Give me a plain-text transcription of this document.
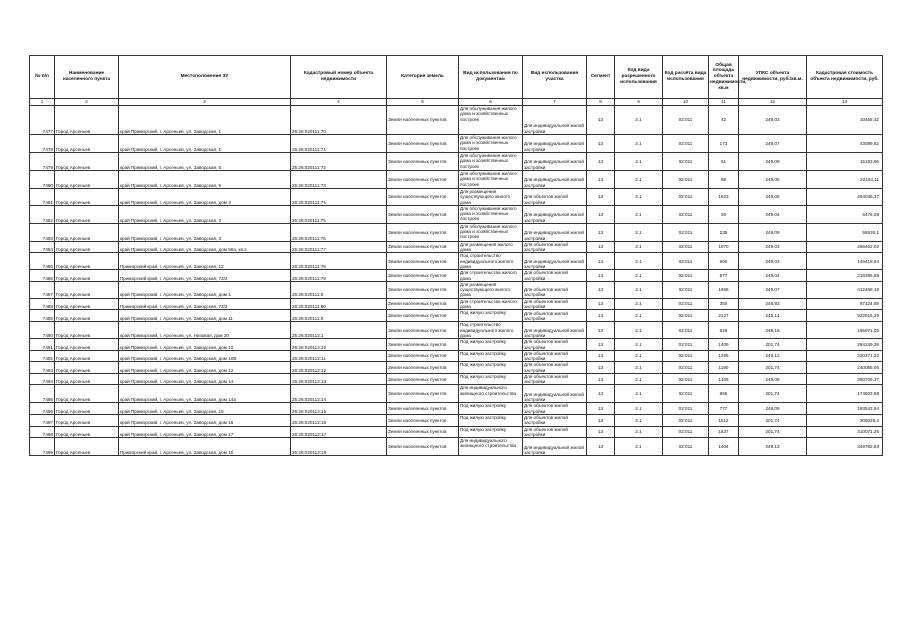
№ п/п	Наименование населенного пункта	Местоположение ЗУ	Кадастровый номер объекта недвижимости	Категория земель	Вид использования по документам	Вид использования участка	Сегмент	Код вида разрешенного использования	Код расчёта вида использования	Общая площадь объекта недвижимости, кв.м	УПКС объекта недвижимости, руб./кв.м.	Кадастровая стоимость объекта недвижимости, руб.
1	2	3	4	5	6	7	8	9	10	11	12	13
7477	Город Арсеньев	край Приморский, г. Арсеньев, ул. Заводская, 1	25:26:020111:70	Земли населенных пунктов	Для обслуживания жилого дома и хозяйственных построек	Для индивидуальной жилой застройки	13	2.1	02:011	42	249,03	10458,42
7478	Город Арсеньев	край Приморский, г. Арсеньев, ул. Заводская, 1	25:26:020111:71	Земли населенных пунктов	Для обслуживания жилого дома и хозяйственных построек	Для индивидуальной жилой застройки	13	2.1	02:011	173	249,07	43089,62
7479	Город Арсеньев	край Приморский, г. Арсеньев, ул. Заводская, 5	25:26:020111:72	Земли населенных пунктов	Для обслуживания жилого дома и хозяйственных построек	Для индивидуальной жилой застройки	13	2.1	02:011	61	249,08	15193,96
7480	Город Арсеньев	край Приморский, г. Арсеньев, ул. Заводская, 5	25:26:020111:73	Земли населенных пунктов	Для обслуживания жилого дома и хозяйственных построек	Для индивидуальной жилой застройки	13	2.1	02:011	89	249,05	22164,11
7481	Город Арсеньев	край Приморский, г. Арсеньев, ул. Заводская, дом 3	25:26:020111:74	Земли населенных пунктов	Для размещения существующего жилого дома	Для объектов жилой застройки	13	2.1	02:011	1823	249,06	454046,37
7482	Город Арсеньев	край Приморский, г. Арсеньев, ул. Заводская, 3	25:26:020111:75	Земли населенных пунктов	Для обслуживания жилого дома и хозяйственных построек	Для индивидуальной жилой застройки	13	2.1	02:011	26	249,04	6475,08
7483	Город Арсеньев	край Приморский, г. Арсеньев, ул. Заводская, 3	25:26:020111:76	Земли населенных пунктов	Для обслуживания жилого дома и хозяйственных построек	Для индивидуальной жилой застройки	13	2.1	02:011	235	249,09	58536,1
7484	Город Арсеньев	край Приморский, г. Арсеньев, ул. Заводская, дом 56а, кв.2	25:26:020111:77	Земли населенных пунктов	Для размещения жилого дома	Для объектов жилой застройки	13	2.1	02:011	1070	249,03	266462,02
7485	Город Арсеньев	Приморский край, г. Арсеньев, ул. Заводская, 12	25:26:020111:78	Земли населенных пунктов	Под строительство индивидуального жилого дома	Для индивидуальной жилой застройки	13	2.1	02:011	600	249,03	149419,64
7486	Город Арсеньев	Приморский край, г. Арсеньев, ул. Заводская, 72/2	25:26:020111:79	Земли населенных пунктов	Для строительства жилого дома	Для объектов жилой застройки	13	2.1	02:011	877	249,02	218395,89
7487	Город Арсеньев	край Приморский, г. Арсеньев, ул. Заводская, дом 1	25:26:020111:8	Земли населенных пунктов	Для размещения существующего жилого дома	Для объектов жилой застройки	13	2.1	02:011	1656	249,07	412458,18
7488	Город Арсеньев	Приморский край, г. Арсеньев, ул. Заводская, 72/2	25:26:020111:80	Земли населенных пунктов	Для строительства жилого дома	Для объектов жилой застройки	13	2.1	02:011	350	248,93	87124,69
7489	Город Арсеньев	край Приморский, г. Арсеньев, ул. Заводская, дом 11	25:26:020111:9	Земли населенных пунктов	Под жилую застройку	Для объектов жилой застройки	13	2.1	02:011	2127	245,14	522915,29
7490	Город Арсеньев	край Приморский, г. Арсеньев, ул. Низовая, дом 20	25:26:020112:1	Земли населенных пунктов	Под строительство индивидуального жилого дома	Для индивидуальной жилой застройки	13	2.1	02:011	626	249,15	155971,05
7491	Город Арсеньев	край Приморский, г. Арсеньев, ул. Заводская, дом 10	25:26:020112:10	Земли населенных пунктов	Под жилую застройку	Для объектов жилой застройки	13	2.1	02:011	1409	201,74	284249,36
7492	Город Арсеньев	край Приморский, г. Арсеньев, ул. Заводская, дом 10В	25:26:020112:11	Земли населенных пунктов	Под жилую застройку	Для объектов жилой застройки	13	2.1	02:011	1286	249,12	320371,32
7493	Город Арсеньев	край Приморский, г. Арсеньев, ул. Заводская, дом 12	25:26:020112:12	Земли населенных пунктов	Под жилую застройку	Для объектов жилой застройки	13	2.1	02:011	1190	201,74	240066,06
7494	Город Арсеньев	край Приморский, г. Арсеньев, ул. Заводская, дом 14	25:26:020112:13	Земли населенных пунктов	Под жилую застройку	Для объектов жилой застройки	13	2.1	02:011	1408	249,08	350709,37
7495	Город Арсеньев	край Приморский, г. Арсеньев, ул. Заводская, дом 14а	25:26:020112:14	Земли населенных пунктов	Для индивидуального жилищного строительства	Для индивидуальной жилой застройки	13	2.1	02:011	865	201,74	174503,68
7496	Город Арсеньев	край Приморский, г. Арсеньев, ул. Заводская, 15	25:26:020112:15	Земли населенных пунктов	Под жилую застройку	Для объектов жилой застройки	13	2.1	02:011	777	249,09	193543,94
7497	Город Арсеньев	край Приморский, г. Арсеньев, ул. Заводская, дом 16	25:26:020112:16	Земли населенных пунктов	Под жилую застройку	Для объектов жилой застройки	13	2.1	02:011	1512	201,74	305028,4
7498	Город Арсеньев	край Приморский, г. Арсеньев, ул. Заводская, дом 17	25:26:020112:17	Земли населенных пунктов	Под жилую застройку	Для объектов жилой застройки	13	2.1	02:011	1537	201,74	310071,26
7499	Город Арсеньев	Приморский край, г. Арсеньев, ул. Заводская, дом 1б	25:26:020112:18	Земли населенных пунктов	Для индивидуального жилищного строительства	Для индивидуальной жилой застройки	13	2.1	02:011	1404	249,13	349782,53
